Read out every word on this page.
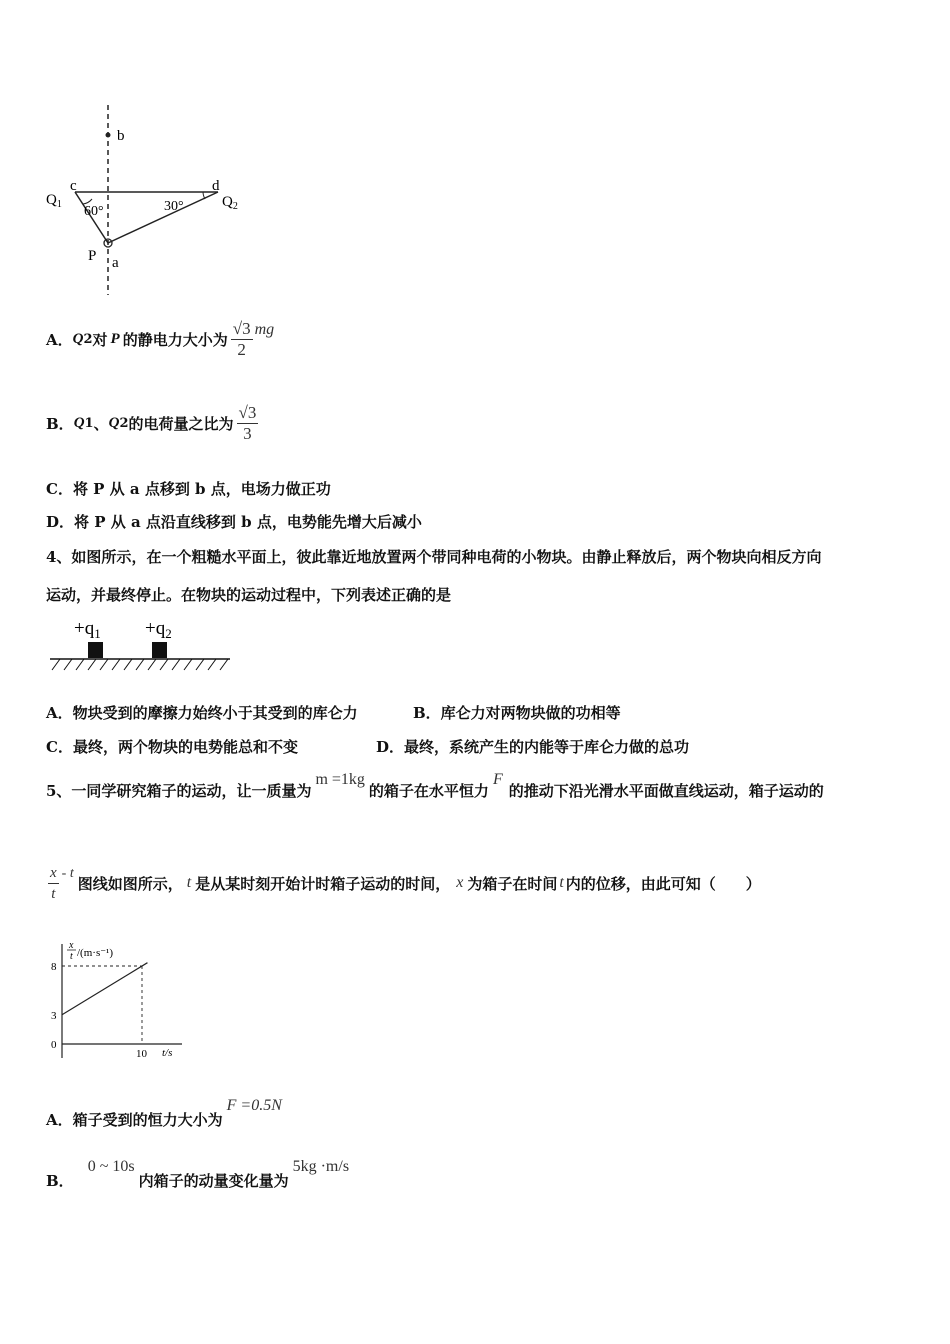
b
c	d
$Q_1$	$Q_2$
60°	30°
P a
A． Q 2 对 P 的静电力大小为 $\frac{√3}{2}$ mg
B． Q 1 、 Q 2 的电荷量之比为 $\frac{√3}{3}$
C．将 P 从 a 点移到 b 点，电场力做正功
D．将 P 从 a 点沿直线移到 b 点，电势能先增大后减小
4、如图所示，在一个粗糙水平面上，彼此靠近地放置两个带同种电荷的小物块。由静止释放后，两个物块向相反方向
运动，并最终停止。在物块的运动过程中，下列表述正确的是
$+q_1 +q_2$
A．物块受到的摩擦力始终小于其受到的库仑力	B．库仑力对两物块做的功相等
C．最终，两个物块的电势能总和不变	D．最终，系统产生的内能等于库仑力做的总功
5、一同学研究箱子的运动，让一质量为
m =1kg
的箱子在水平恒力
F
的推动下沿光滑水平面做直线运动，箱子运动的
$\frac{x}{t}$ - t
图线如图所示， t 是从某时刻开始计时箱子运动的时间， x 为箱子在时间 t 内的位移，由此可知（　　）
x
t /(m·s⁻¹)
t/s
3
8
0
10
A．箱子受到的恒力大小为
F =0.5N
B．
0 ~ 10s
内箱子的动量变化量为
5kg ·m/s
